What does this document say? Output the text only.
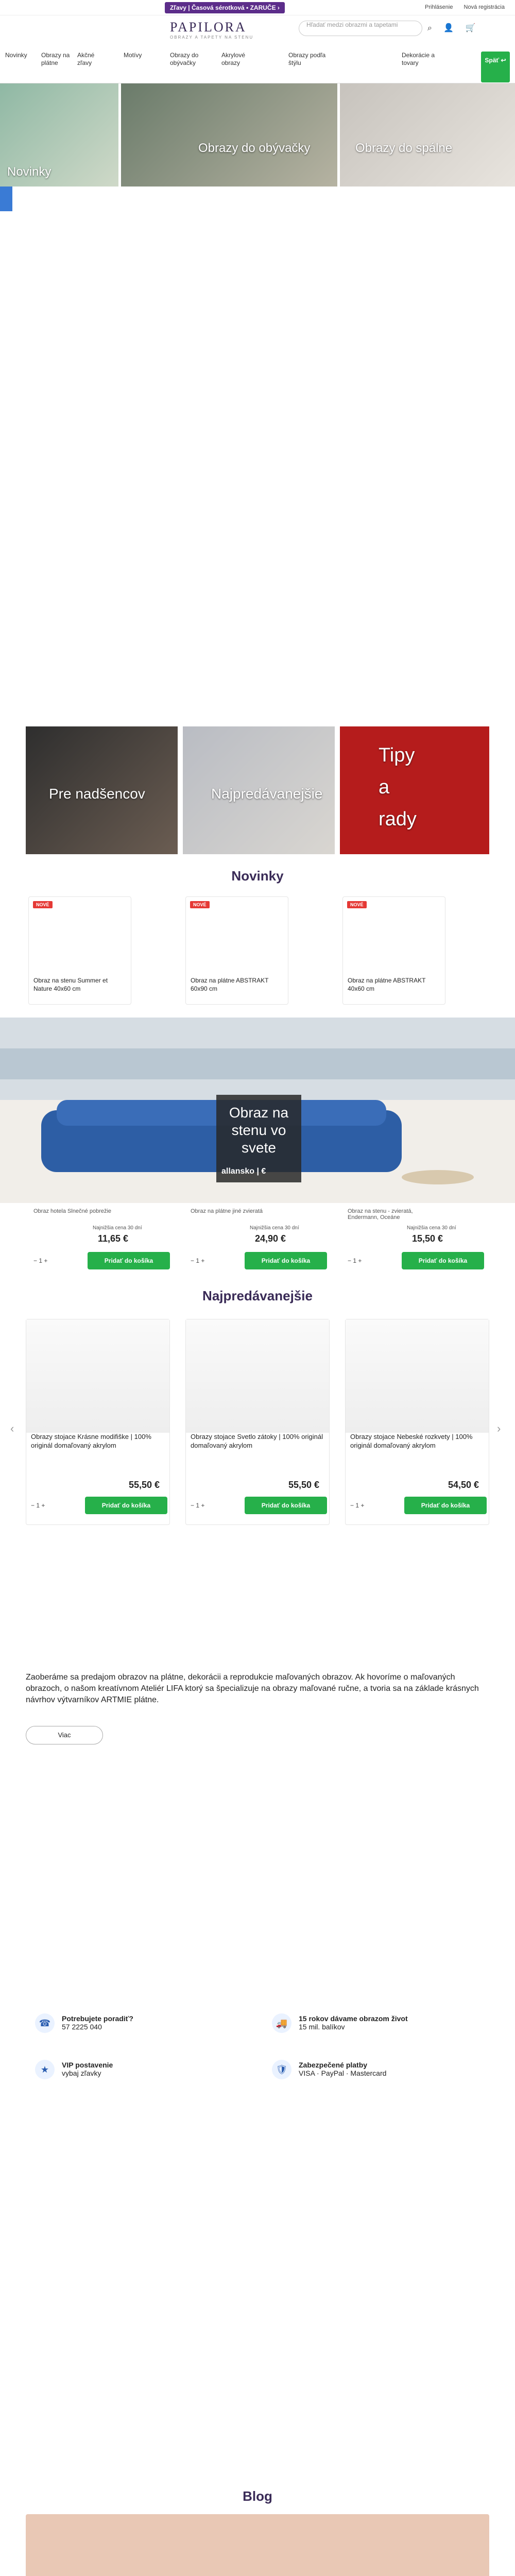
Zľavy | Časová sérotková • ZARUČE ›	Prihlásenie Nová registrácia
PAPILORA
OBRAZY A TAPETY NA STENU
Hľadať medzi obrazmi a tapetami	⌕ 👤 🛒
Novinky	Obrazy na plátne
Akčné zľavy
Motívy	Obrazy do obývačky
Akrylové obrazy
Obrazy podľa štýlu
Dekorácie a tovary	Späť ↩
Novinky
Obrazy do obývačky	Obrazy do spálne
Pre nadšencov	Najpredávanejšie
Tipy a rady
Novinky
NOVÉ	NOVÉ	NOVÉ
Obraz na stenu Summer et Nature 40x60 cm
Obraz na plátne ABSTRAKT 60x90 cm
Obraz na plátne ABSTRAKT 40x60 cm
Obraz na stenu vo svete
allansko | €
Obraz hotela Slnečné pobrežie	Obraz na plátne jiné zvieratá	Obraz na stenu - zvieratá, Endermann, Oceáne
Najnižšia cena 30 dní	Najnižšia cena 30 dní	Najnižšia cena 30 dní
11,65 €	24,90 €	15,50 €
− 1 +	− 1 +	− 1 +
Pridať do košíka	Pridať do košíka	Pridať do košíka
Najpredávanejšie
‹	›
Obrazy stojace Krásne modifiške | 100% originál domaľovaný akrylom
Obrazy stojace Svetlo zátoky | 100% originál domaľovaný akrylom
Obrazy stojace Nebeské rozkvety | 100% originál domaľovaný akrylom
55,50 €	55,50 €	54,50 €
− 1 +	− 1 +	− 1 +
Pridať do košíka	Pridať do košíka	Pridať do košíka
Zaoberáme sa predajom obrazov na plátne, dekorácii a reprodukcie maľovaných obrazov. Ak hovoríme o maľovaných obrazoch, o našom kreatívnom Ateliér LIFA ktorý sa špecializuje na obrazy maľované ručne, a tvoria sa na základe krásnych návrhov výtvarníkov ARTMIE plátne.
Viac
☎	Potrebujete poradiť?
57 2225 040	🚚	15 rokov dávame obrazom život
15 mil. balíkov
★	VIP postavenie
vybaj zľavky	🛡	Zabezpečené platby
VISA · PayPal · Mastercard
Blog
